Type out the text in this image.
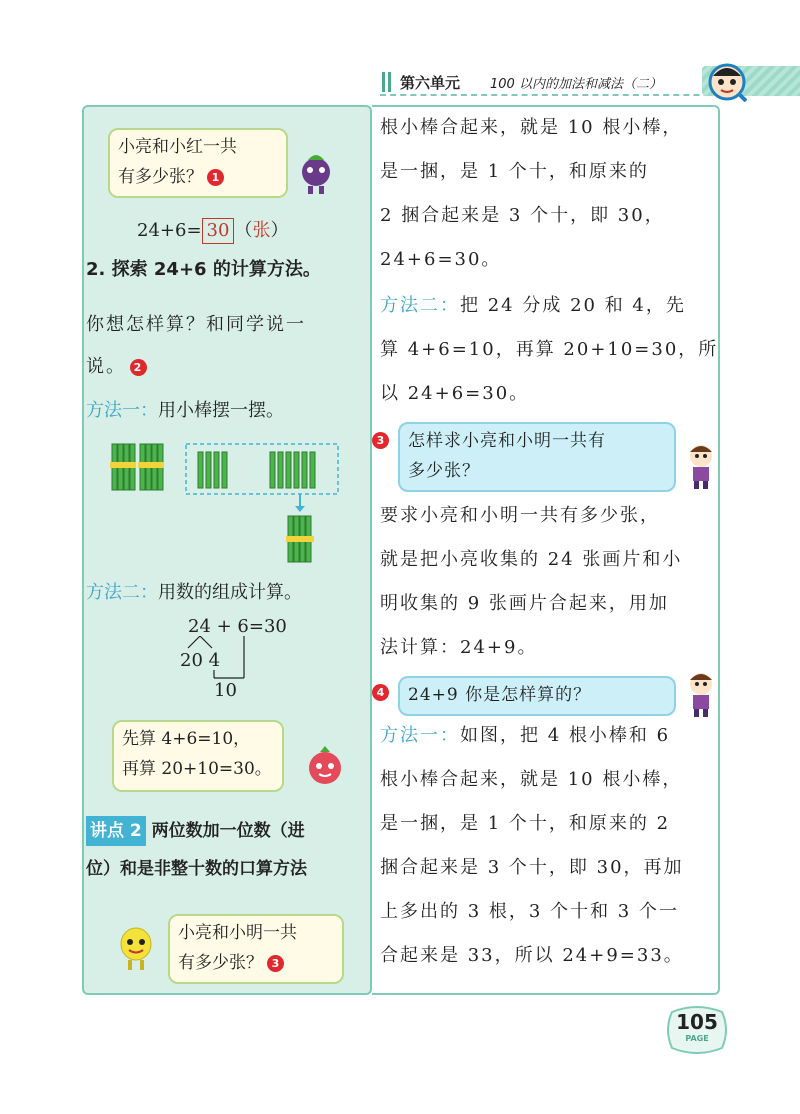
第六单元 100 以内的加法和减法（二）
小亮和小红一共
有多少张？ 1
24+6= 30 （张）
2. 探索 24+6 的计算方法。
你想怎样算？和同学说一
说。 2
方法一：用小棒摆一摆。
方法二：用数的组成计算。
24 + 6=30
20 4
10
先算 4+6=10，
再算 20+10=30。
讲点 2 两位数加一位数（进
位）和是非整十数的口算方法
小亮和小明一共
有多少张？ 3
根小棒合起来，就是 10 根小棒，
是一捆，是 1 个十，和原来的
2 捆合起来是 3 个十，即 30，
24+6=30。
方法二：把 24 分成 20 和 4，先
算 4+6=10，再算 20+10=30，所
以 24+6=30。
3 怎样求小亮和小明一共有
多少张？
要求小亮和小明一共有多少张，
就是把小亮收集的 24 张画片和小
明收集的 9 张画片合起来，用加
法计算：24+9。
4 24+9 你是怎样算的？
方法一：如图，把 4 根小棒和 6
根小棒合起来，就是 10 根小棒，
是一捆，是 1 个十，和原来的 2
捆合起来是 3 个十，即 30，再加
上多出的 3 根，3 个十和 3 个一
合起来是 33，所以 24+9=33。
105
PAGE
